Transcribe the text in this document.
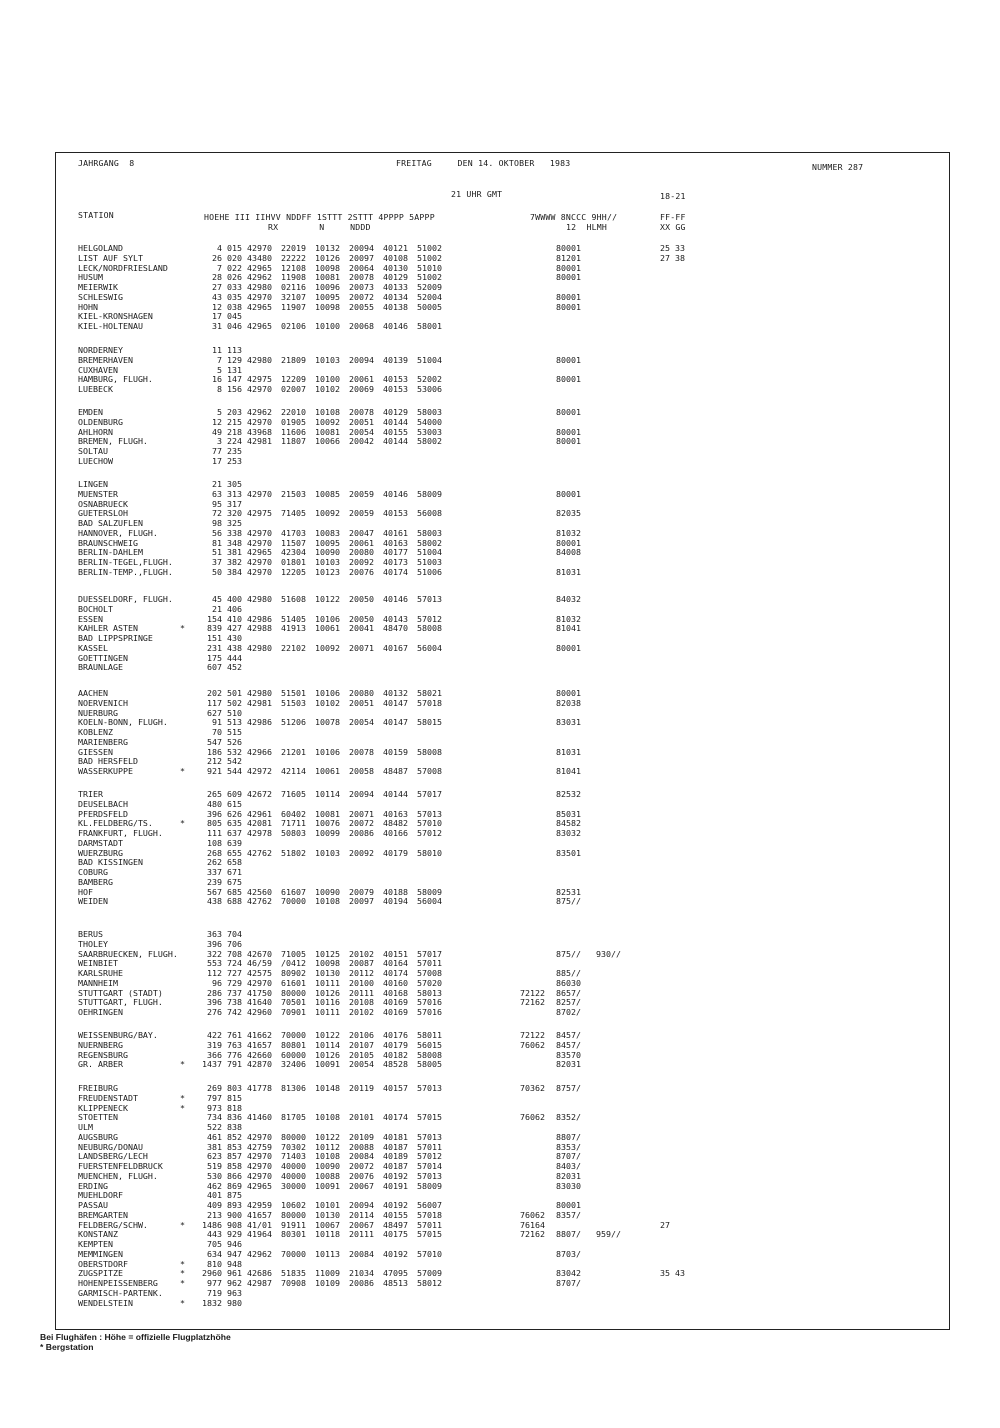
JAHRGANG  8	FREITAG     DEN 14. OKTOBER   1983	NUMMER 287
21 UHR GMT	18-21
STATION	HOEHE III IIHVV NDDFF 1STTT 2STTT 4PPPP 5APPP
RX        N     NDDD
7WWWW 8NCCC 9HH//
12  HLMH
FF-FF
XX GG
HELGOLAND	4 015 42970 22019 10132 20094 40121 51002	80001	25 33
LIST AUF SYLT	26 020 43480 22222 10126 20097 40108 51002	81201	27 38
LECK/NORDFRIESLAND	7 022 42965 12108 10098 20064 40130 51010	80001
HUSUM	28 026 42962 11908 10081 20078 40129 51002	80001
MEIERWIK	27 033 42980 02116 10096 20073 40133 52009
SCHLESWIG	43 035 42970 32107 10095 20072 40134 52004	80001
HOHN	12 038 42965 11907 10098 20055 40138 50005	80001
KIEL-KRONSHAGEN	17 045
KIEL-HOLTENAU	31 046 42965 02106 10100 20068 40146 58001
NORDERNEY	11 113
BREMERHAVEN	7 129 42980 21809 10103 20094 40139 51004	80001
CUXHAVEN	5 131
HAMBURG, FLUGH.	16 147 42975 12209 10100 20061 40153 52002	80001
LUEBECK	8 156 42970 02007 10102 20069 40153 53006
EMDEN	5 203 42962 22010 10108 20078 40129 58003	80001
OLDENBURG	12 215 42970 01905 10092 20051 40144 54000
AHLHORN	49 218 43968 11606 10081 20054 40155 53003	80001
BREMEN, FLUGH.	3 224 42981 11807 10066 20042 40144 58002	80001
SOLTAU	77 235
LUECHOW	17 253
LINGEN	21 305
MUENSTER	63 313 42970 21503 10085 20059 40146 58009	80001
OSNABRUECK	95 317
GUETERSLOH	72 320 42975 71405 10092 20059 40153 56008	82035
BAD SALZUFLEN	98 325
HANNOVER, FLUGH.	56 338 42970 41703 10083 20047 40161 58003	81032
BRAUNSCHWEIG	81 348 42970 11507 10095 20061 40163 58002	80001
BERLIN-DAHLEM	51 381 42965 42304 10090 20080 40177 51004	84008
BERLIN-TEGEL,FLUGH.	37 382 42970 01801 10103 20092 40173 51003
BERLIN-TEMP.,FLUGH.	50 384 42970 12205 10123 20076 40174 51006	81031
DUESSELDORF, FLUGH.	45 400 42980 51608 10122 20050 40146 57013	84032
BOCHOLT	21 406
ESSEN	154 410 42986 51405 10106 20050 40143 57012	81032
KAHLER ASTEN	*	839 427 42988 41913 10061 20041 48470 58008	81041
BAD LIPPSPRINGE	151 430
KASSEL	231 438 42980 22102 10092 20071 40167 56004	80001
GOETTINGEN	175 444
BRAUNLAGE	607 452
AACHEN	202 501 42980 51501 10106 20080 40132 58021	80001
NOERVENICH	117 502 42981 51503 10102 20051 40147 57018	82038
NUERBURG	627 510
KOELN-BONN, FLUGH.	91 513 42986 51206 10078 20054 40147 58015	83031
KOBLENZ	70 515
MARIENBERG	547 526
GIESSEN	186 532 42966 21201 10106 20078 40159 58008	81031
BAD HERSFELD	212 542
WASSERKUPPE	*	921 544 42972 42114 10061 20058 48487 57008	81041
TRIER	265 609 42672 71605 10114 20094 40144 57017	82532
DEUSELBACH	480 615
PFERDSFELD	396 626 42961 60402 10081 20071 40163 57013	85031
KL.FELDBERG/TS.	*	805 635 42081 71711 10076 20072 48482 57010	84582
FRANKFURT, FLUGH.	111 637 42978 50803 10099 20086 40166 57012	83032
DARMSTADT	108 639
WUERZBURG	268 655 42762 51802 10103 20092 40179 58010	83501
BAD KISSINGEN	262 658
COBURG	337 671
BAMBERG	239 675
HOF	567 685 42560 61607 10090 20079 40188 58009	82531
WEIDEN	438 688 42762 70000 10108 20097 40194 56004	875//
BERUS	363 704
THOLEY	396 706
SAARBRUECKEN, FLUGH.	322 708 42670 71005 10125 20102 40151 57017	875// 930//
WEINBIET	553 724 46/59 /0412 10098 20087 40164 57011
KARLSRUHE	112 727 42575 80902 10130 20112 40174 57008	885//
MANNHEIM	96 729 42970 61601 10111 20100 40160 57020	86030
STUTTGART (STADT)	286 737 41750 80000 10126 20111 40168 58013	72122 8657/
STUTTGART, FLUGH.	396 738 41640 70501 10116 20108 40169 57016	72162 8257/
OEHRINGEN	276 742 42960 70901 10111 20102 40169 57016	8702/
WEISSENBURG/BAY.	422 761 41662 70000 10122 20106 40176 58011	72122 8457/
NUERNBERG	319 763 41657 80801 10114 20107 40179 56015	76062 8457/
REGENSBURG	366 776 42660 60000 10126 20105 40182 58008	83570
GR. ARBER	*	1437 791 42870 32406 10091 20054 48528 58005	82031
FREIBURG	269 803 41778 81306 10148 20119 40157 57013	70362 8757/
FREUDENSTADT	*	797 815
KLIPPENECK	*	973 818
STOETTEN	734 836 41460 81705 10108 20101 40174 57015	76062 8352/
ULM	522 838
AUGSBURG	461 852 42970 80000 10122 20109 40181 57013	8807/
NEUBURG/DONAU	381 853 42759 70302 10112 20088 40187 57011	8353/
LANDSBERG/LECH	623 857 42970 71403 10108 20084 40189 57012	8707/
FUERSTENFELDBRUCK	519 858 42970 40000 10090 20072 40187 57014	8403/
MUENCHEN, FLUGH.	530 866 42970 40000 10088 20076 40192 57013	82031
ERDING	462 869 42965 30000 10091 20067 40191 58009	83030
MUEHLDORF	401 875
PASSAU	409 893 42959 10602 10101 20094 40192 56007	80001
BREMGARTEN	213 900 41657 80000 10130 20114 40155 57018	76062 8357/
FELDBERG/SCHW.	*	1486 908 41/01 91911 10067 20067 48497 57011	76164	27
KONSTANZ	443 929 41964 80301 10118 20111 40175 57015	72162 8807/ 959//
KEMPTEN	705 946
MEMMINGEN	634 947 42962 70000 10113 20084 40192 57010	8703/
OBERSTDORF	*	810 948
ZUGSPITZE	*	2960 961 42686 51835 11009 21034 47095 57009	83042	35 43
HOHENPEISSENBERG	*	977 962 42987 70908 10109 20086 48513 58012	8707/
GARMISCH-PARTENK.	719 963
WENDELSTEIN	*	1832 980
Bei Flughäfen : Höhe = offizielle Flugplatzhöhe
* Bergstation
